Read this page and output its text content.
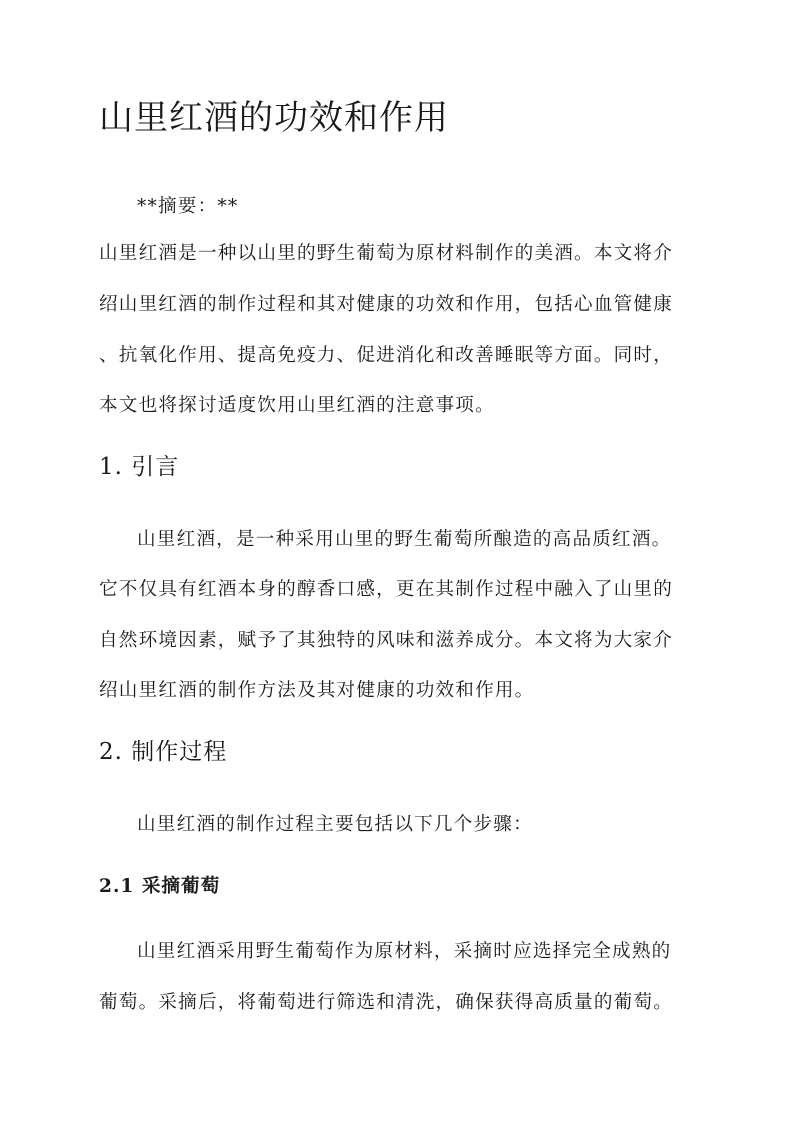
山里红酒的功效和作用
**摘要：**
山里红酒是一种以山里的野生葡萄为原材料制作的美酒。本文将介
绍山里红酒的制作过程和其对健康的功效和作用，包括心血管健康
、抗氧化作用、提高免疫力、促进消化和改善睡眠等方面。同时，
本文也将探讨适度饮用山里红酒的注意事项。
1. 引言
山里红酒，是一种采用山里的野生葡萄所酿造的高品质红酒。
它不仅具有红酒本身的醇香口感，更在其制作过程中融入了山里的
自然环境因素，赋予了其独特的风味和滋养成分。本文将为大家介
绍山里红酒的制作方法及其对健康的功效和作用。
2. 制作过程
山里红酒的制作过程主要包括以下几个步骤：
2.1 采摘葡萄
山里红酒采用野生葡萄作为原材料，采摘时应选择完全成熟的
葡萄。采摘后，将葡萄进行筛选和清洗，确保获得高质量的葡萄。
